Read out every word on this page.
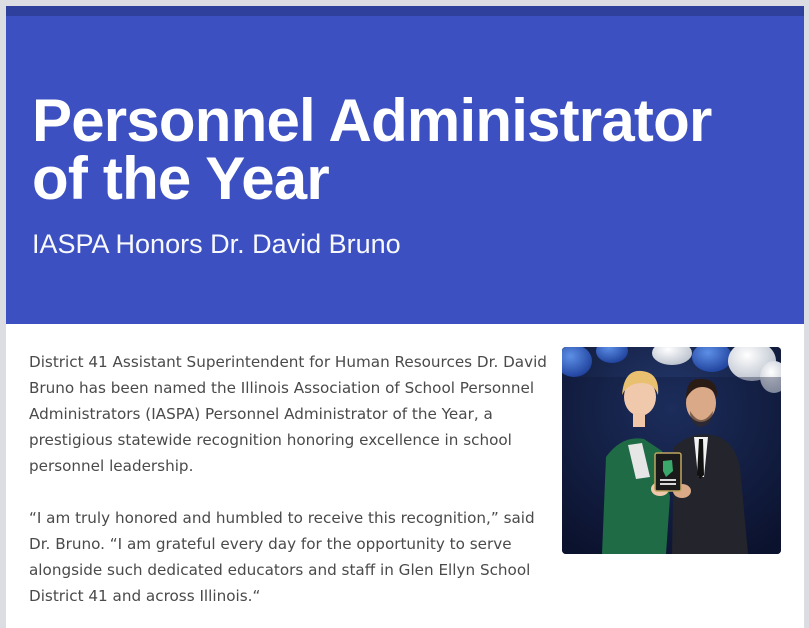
Personnel Administrator
of the Year
IASPA Honors Dr. David Bruno

District 41 Assistant Superintendent for Human Resources Dr. David Bruno has been named the Illinois Association of School Personnel Administrators (IASPA) Personnel Administrator of the Year, a prestigious statewide recognition honoring excellence in school personnel leadership.

“I am truly honored and humbled to receive this recognition,” said Dr. Bruno. “I am grateful every day for the opportunity to serve alongside such dedicated educators and staff in Glen Ellyn School District 41 and across Illinois.“
